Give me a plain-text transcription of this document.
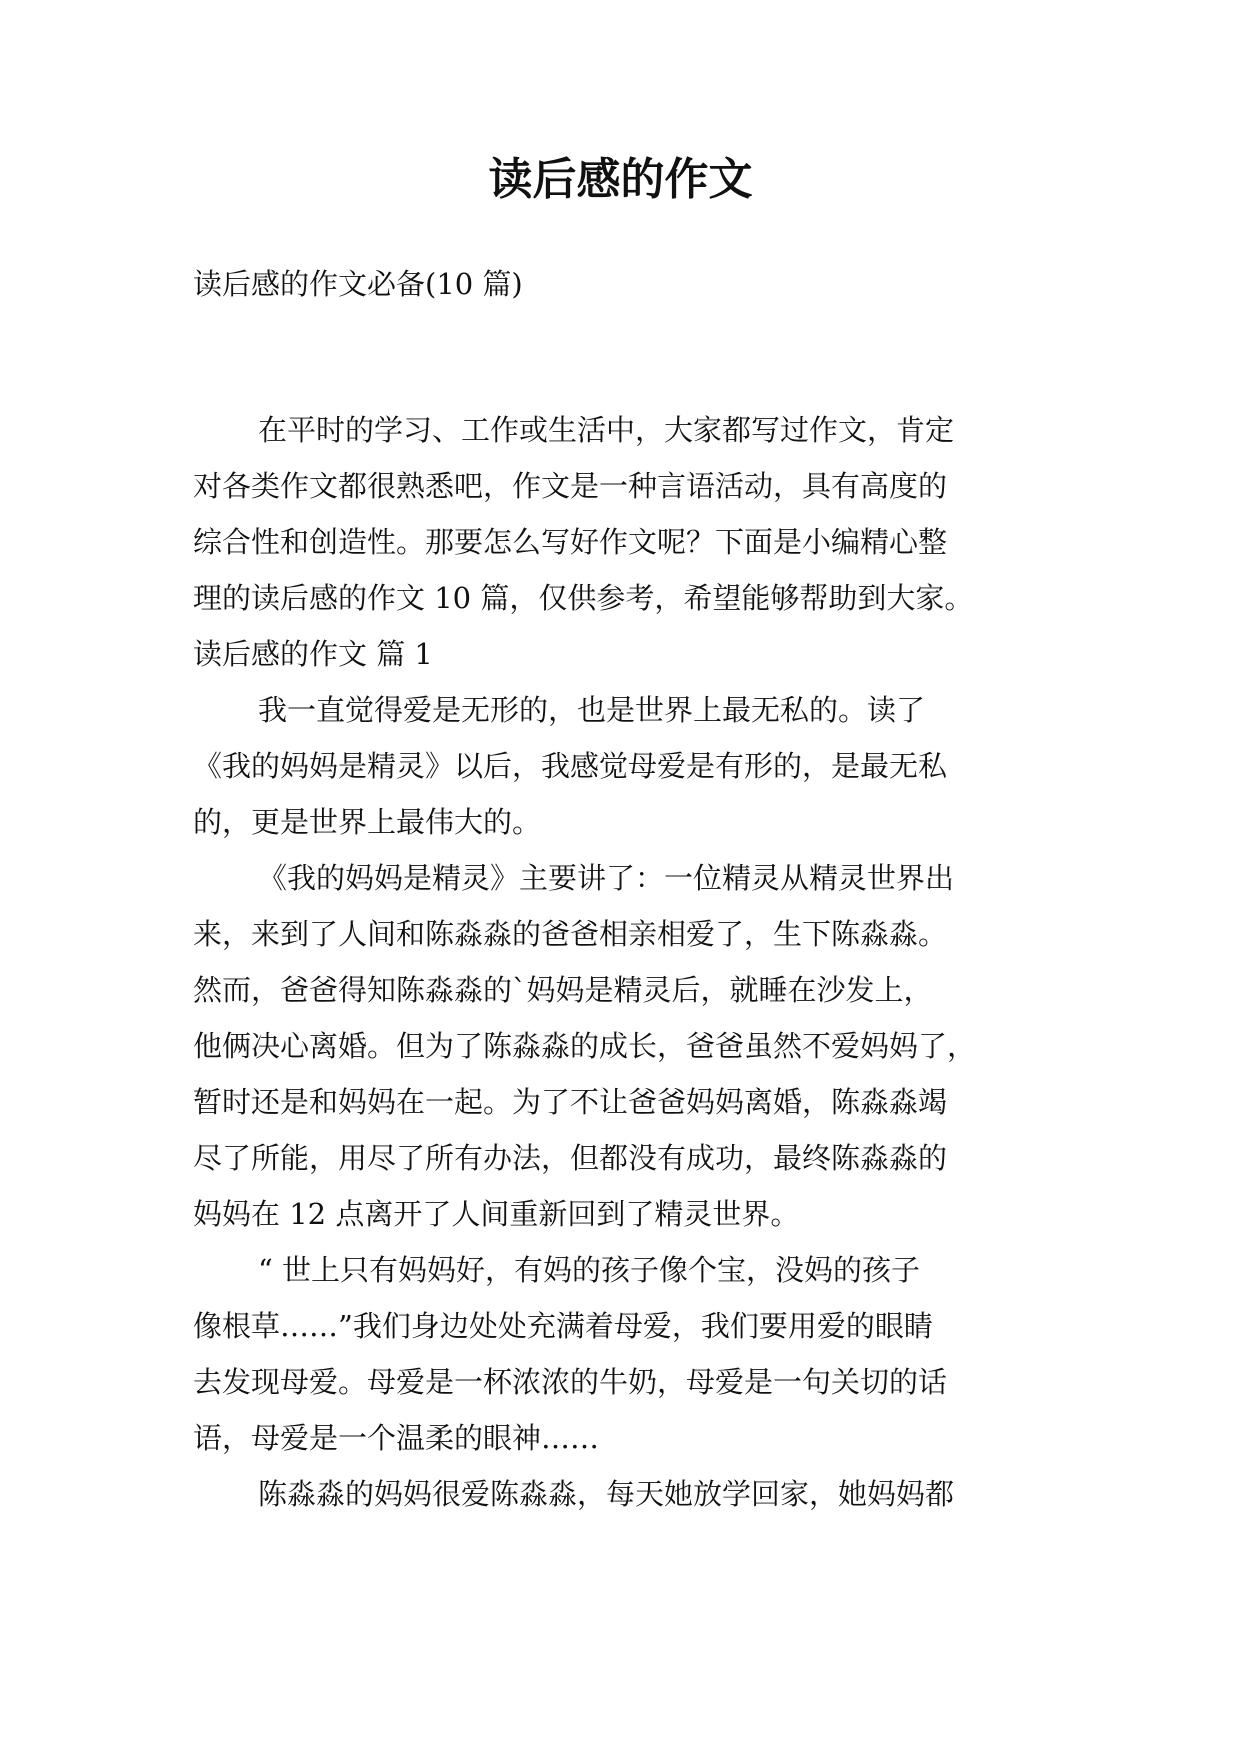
读后感的作文

读后感的作文必备(10 篇)

在平时的学习、工作或生活中，大家都写过作文，肯定

对各类作文都很熟悉吧，作文是一种言语活动，具有高度的

综合性和创造性。那要怎么写好作文呢？下面是小编精心整

理的读后感的作文 10 篇，仅供参考，希望能够帮助到大家。

读后感的作文 篇 1

我一直觉得爱是无形的，也是世界上最无私的。读了

《我的妈妈是精灵》以后，我感觉母爱是有形的，是最无私

的，更是世界上最伟大的。

《我的妈妈是精灵》主要讲了：一位精灵从精灵世界出

来，来到了人间和陈淼淼的爸爸相亲相爱了，生下陈淼淼。

然而，爸爸得知陈淼淼的`妈妈是精灵后，就睡在沙发上，

他俩决心离婚。但为了陈淼淼的成长，爸爸虽然不爱妈妈了，

暂时还是和妈妈在一起。为了不让爸爸妈妈离婚，陈淼淼竭

尽了所能，用尽了所有办法，但都没有成功，最终陈淼淼的

妈妈在 12 点离开了人间重新回到了精灵世界。

“ 世上只有妈妈好，有妈的孩子像个宝，没妈的孩子

像根草……”我们身边处处充满着母爱，我们要用爱的眼睛

去发现母爱。母爱是一杯浓浓的牛奶，母爱是一句关切的话

语，母爱是一个温柔的眼神……

陈淼淼的妈妈很爱陈淼淼，每天她放学回家，她妈妈都
